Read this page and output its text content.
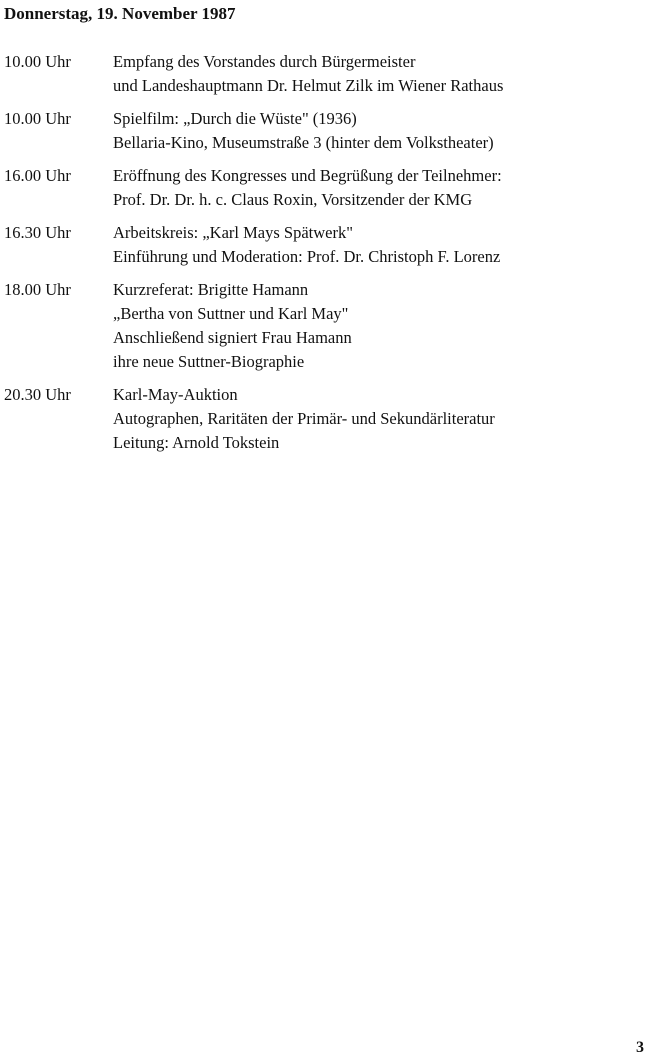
Donnerstag, 19. November 1987
10.00 Uhr	Empfang des Vorstandes durch Bürgermeister
und Landeshauptmann Dr. Helmut Zilk im Wiener Rathaus
10.00 Uhr	Spielfilm: „Durch die Wüste" (1936)
Bellaria-Kino, Museumstraße 3 (hinter dem Volkstheater)
16.00 Uhr	Eröffnung des Kongresses und Begrüßung der Teilnehmer:
Prof. Dr. Dr. h. c. Claus Roxin, Vorsitzender der KMG
16.30 Uhr	Arbeitskreis: „Karl Mays Spätwerk"
Einführung und Moderation: Prof. Dr. Christoph F. Lorenz
18.00 Uhr	Kurzreferat: Brigitte Hamann
„Bertha von Suttner und Karl May"
Anschließend signiert Frau Hamann
ihre neue Suttner-Biographie
20.30 Uhr	Karl-May-Auktion
Autographen, Raritäten der Primär- und Sekundärliteratur
Leitung: Arnold Tokstein
3
